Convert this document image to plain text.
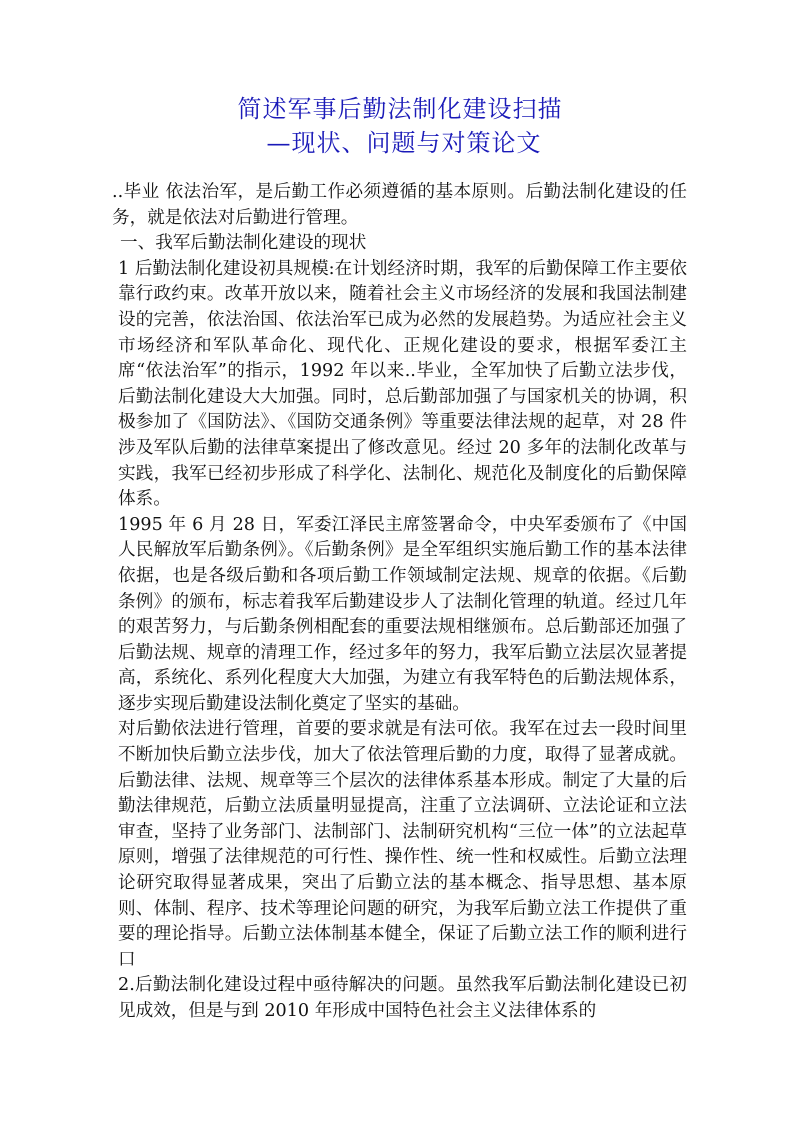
简述军事后勤法制化建设扫描
—现状、问题与对策论文

..毕业 依法治军，是后勤工作必须遵循的基本原则。后勤法制化建设的任务，就是依法对后勤进行管理。

一、我军后勤法制化建设的现状

1 后勤法制化建设初具规模:在计划经济时期，我军的后勤保障工作主要依靠行政约束。改革开放以来，随着社会主义市场经济的发展和我国法制建设的完善，依法治国、依法治军已成为必然的发展趋势。为适应社会主义市场经济和军队革命化、现代化、正规化建设的要求，根据军委江主席“依法治军”的指示，1992 年以来..毕业，全军加快了后勤立法步伐，后勤法制化建设大大加强。同时，总后勤部加强了与国家机关的协调，积极参加了《国防法》、《国防交通条例》等重要法律法规的起草，对 28 件涉及军队后勤的法律草案提出了修改意见。经过 20 多年的法制化改革与实践，我军已经初步形成了科学化、法制化、规范化及制度化的后勤保障体系。

1995 年 6 月 28 日，军委江泽民主席签署命令，中央军委颁布了《中国人民解放军后勤条例》。《后勤条例》是全军组织实施后勤工作的基本法律依据，也是各级后勤和各项后勤工作领域制定法规、规章的依据。《后勤条例》的颁布，标志着我军后勤建设步人了法制化管理的轨道。经过几年的艰苦努力，与后勤条例相配套的重要法规相继颁布。总后勤部还加强了后勤法规、规章的清理工作，经过多年的努力，我军后勤立法层次显著提高，系统化、系列化程度大大加强，为建立有我军特色的后勤法规体系，逐步实现后勤建设法制化奠定了坚实的基础。

对后勤依法进行管理，首要的要求就是有法可依。我军在过去一段时间里不断加快后勤立法步伐，加大了依法管理后勤的力度，取得了显著成就。后勤法律、法规、规章等三个层次的法律体系基本形成。制定了大量的后勤法律规范，后勤立法质量明显提高，注重了立法调研、立法论证和立法审查，坚持了业务部门、法制部门、法制研究机构“三位一体”的立法起草原则，增强了法律规范的可行性、操作性、统一性和权威性。后勤立法理论研究取得显著成果，突出了后勤立法的基本概念、指导思想、基本原则、体制、程序、技术等理论问题的研究，为我军后勤立法工作提供了重要的理论指导。后勤立法体制基本健全，保证了后勤立法工作的顺利进行口

2.后勤法制化建设过程中亟待解决的问题。虽然我军后勤法制化建设已初见成效，但是与到 2010 年形成中国特色社会主义法律体系的
